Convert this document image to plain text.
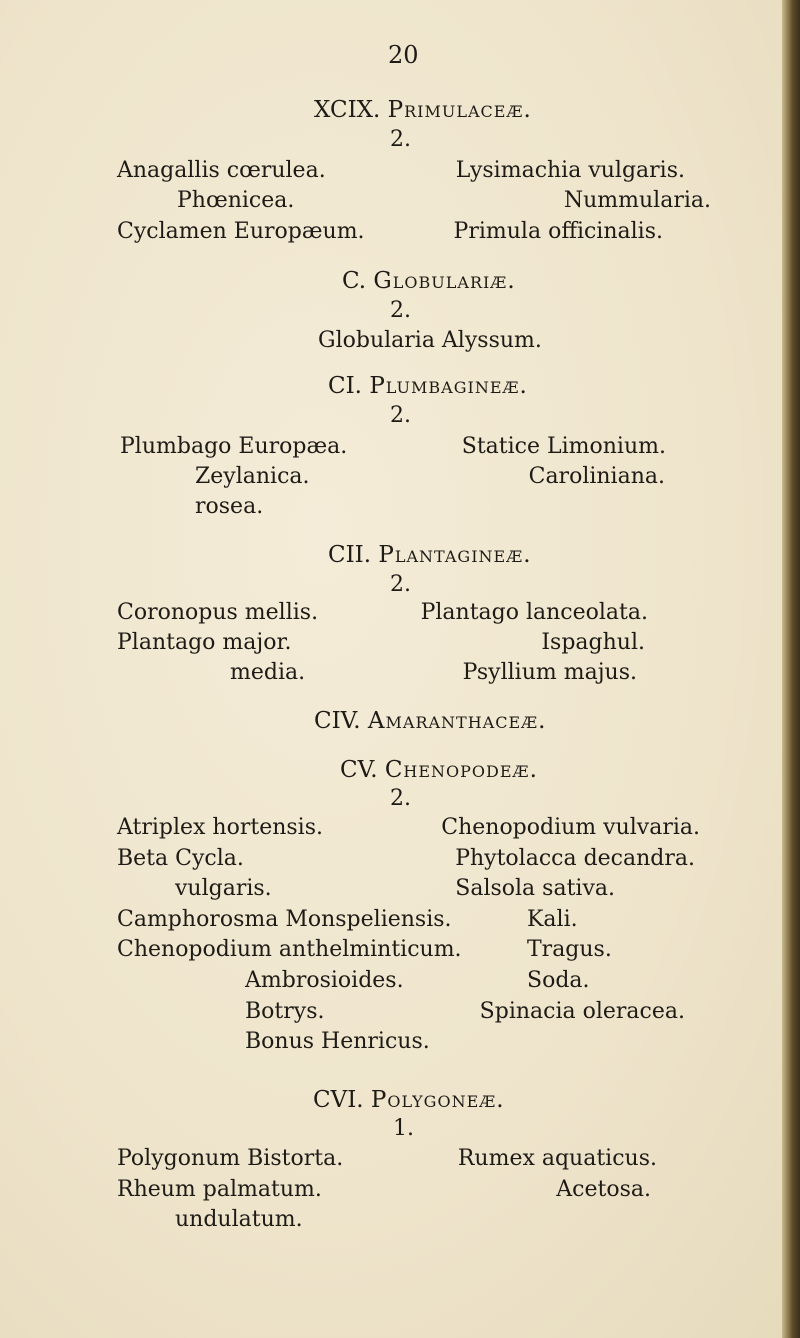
20
XCIX. Primulaceæ.
2.
Anagallis cœrulea.
Phœnicea.
Cyclamen Europæum.
Lysimachia vulgaris.
Nummularia.
Primula officinalis.
C. Globulariæ.
2.
Globularia Alyssum.
CI. Plumbagineæ.
2.
Plumbago Europæa.
Zeylanica.
rosea.
Statice Limonium.
Caroliniana.
CII. Plantagineæ.
2.
Coronopus mellis.
Plantago major.
media.
Plantago lanceolata.
Ispaghul.
Psyllium majus.
CIV. Amaranthaceæ.
CV. Chenopodeæ.
2.
Atriplex hortensis.
Beta Cycla.
vulgaris.
Camphorosma Monspeliensis.
Chenopodium anthelminticum.
Ambrosioides.
Botrys.
Bonus Henricus.
Chenopodium vulvaria.
Phytolacca decandra.
Salsola sativa.
Kali.
Tragus.
Soda.
Spinacia oleracea.
CVI. Polygoneæ.
1.
Polygonum Bistorta.
Rheum palmatum.
undulatum.
Rumex aquaticus.
Acetosa.
